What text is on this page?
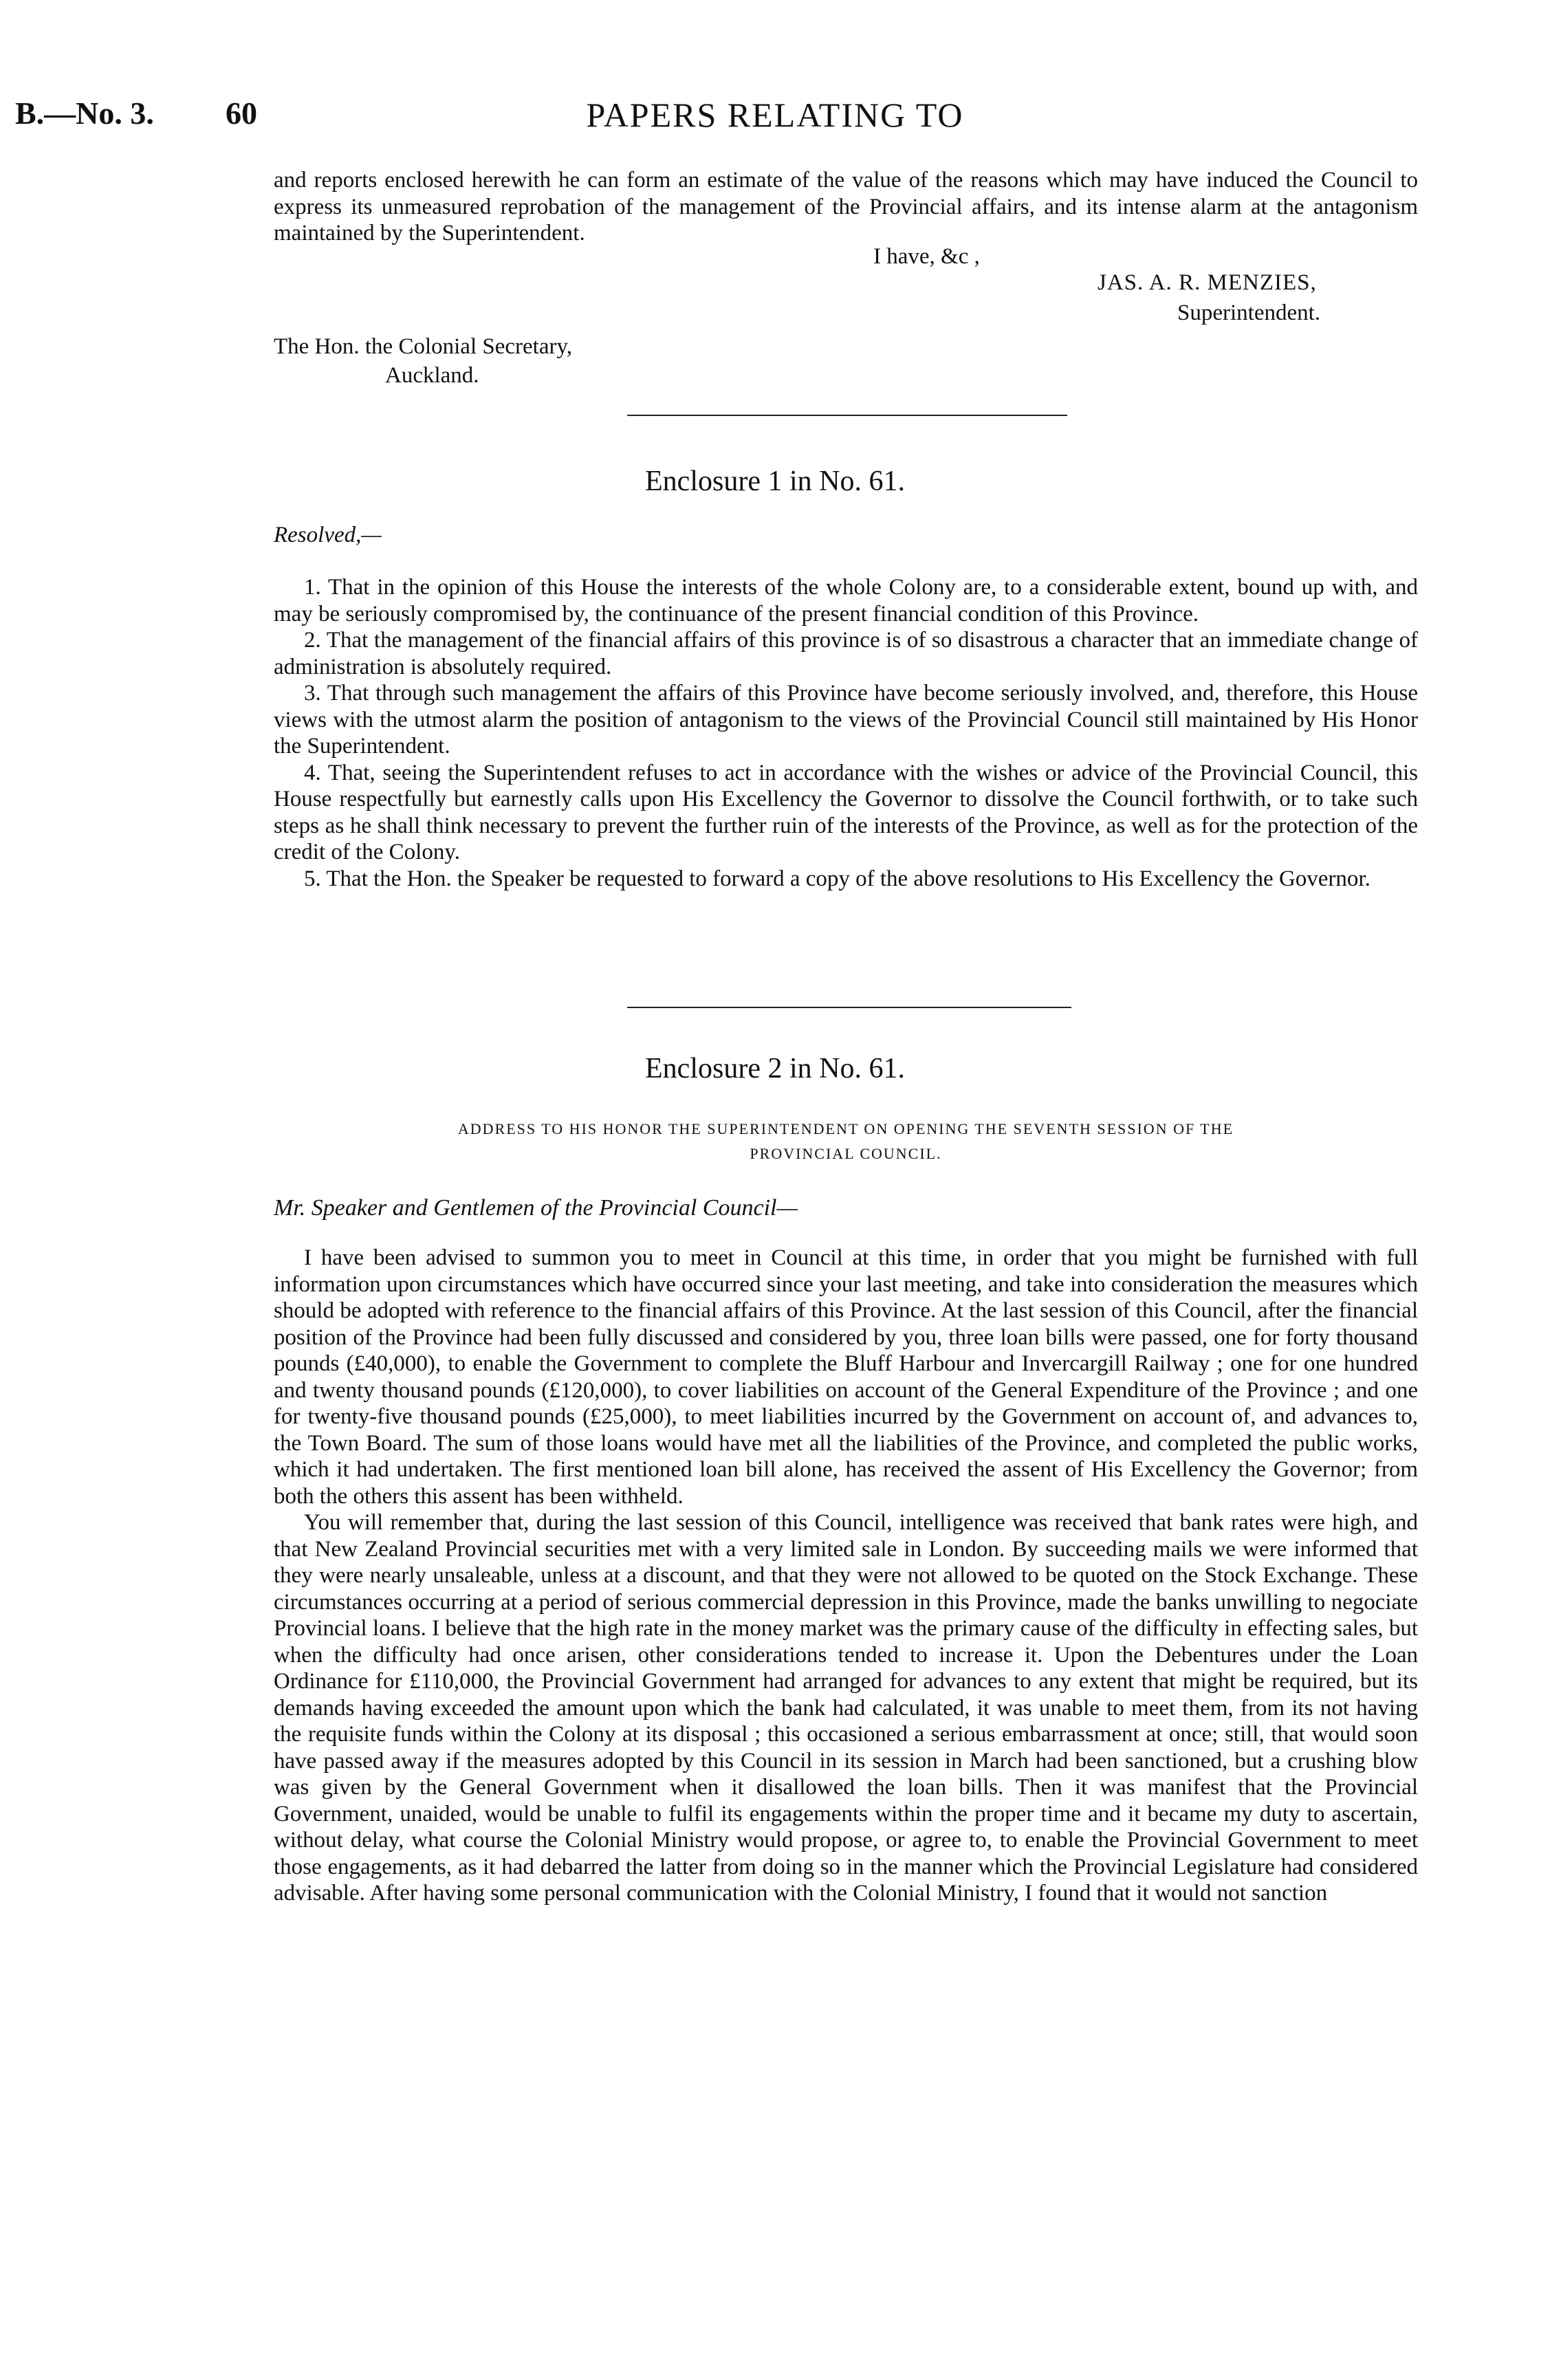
B.—No. 3. 60	PAPERS RELATING TO

and reports enclosed herewith he can form an estimate of the value of the reasons which may have induced the Council to express its unmeasured reprobation of the management of the Provincial affairs, and its intense alarm at the antagonism maintained by the Superintendent.

I have, &c ,
JAS. A. R. MENZIES,
Superintendent.
The Hon. the Colonial Secretary,
Auckland.
Enclosure 1 in No. 61.
Resolved,—

1. That in the opinion of this House the interests of the whole Colony are, to a considerable extent, bound up with, and may be seriously compromised by, the continuance of the present financial condition of this Province.

2. That the management of the financial affairs of this province is of so disastrous a character that an immediate change of administration is absolutely required.

3. That through such management the affairs of this Province have become seriously involved, and, therefore, this House views with the utmost alarm the position of antagonism to the views of the Provincial Council still maintained by His Honor the Superintendent.

4. That, seeing the Superintendent refuses to act in accordance with the wishes or advice of the Provincial Council, this House respectfully but earnestly calls upon His Excellency the Governor to dissolve the Council forthwith, or to take such steps as he shall think necessary to prevent the further ruin of the interests of the Province, as well as for the protection of the credit of the Colony.

5. That the Hon. the Speaker be requested to forward a copy of the above resolutions to His Excellency the Governor.

Enclosure 2 in No. 61.
ADDRESS TO HIS HONOR THE SUPERINTENDENT ON OPENING THE SEVENTH SESSION OF THE
PROVINCIAL COUNCIL.
Mr. Speaker and Gentlemen of the Provincial Council—

I have been advised to summon you to meet in Council at this time, in order that you might be furnished with full information upon circumstances which have occurred since your last meeting, and take into consideration the measures which should be adopted with reference to the financial affairs of this Province. At the last session of this Council, after the financial position of the Province had been fully discussed and considered by you, three loan bills were passed, one for forty thousand pounds (£40,000), to enable the Government to complete the Bluff Harbour and Invercargill Railway ; one for one hundred and twenty thousand pounds (£120,000), to cover liabilities on account of the General Expenditure of the Province ; and one for twenty-five thousand pounds (£25,000), to meet liabilities incurred by the Government on account of, and advances to, the Town Board. The sum of those loans would have met all the liabilities of the Province, and completed the public works, which it had undertaken. The first mentioned loan bill alone, has received the assent of His Excellency the Governor; from both the others this assent has been withheld.

You will remember that, during the last session of this Council, intelligence was received that bank rates were high, and that New Zealand Provincial securities met with a very limited sale in London. By succeeding mails we were informed that they were nearly unsaleable, unless at a discount, and that they were not allowed to be quoted on the Stock Exchange. These circumstances occurring at a period of serious commercial depression in this Province, made the banks unwilling to negociate Provincial loans. I believe that the high rate in the money market was the primary cause of the difficulty in effecting sales, but when the difficulty had once arisen, other considerations tended to increase it. Upon the Debentures under the Loan Ordinance for £110,000, the Provincial Government had arranged for advances to any extent that might be required, but its demands having exceeded the amount upon which the bank had calculated, it was unable to meet them, from its not having the requisite funds within the Colony at its disposal ; this occasioned a serious embarrassment at once; still, that would soon have passed away if the measures adopted by this Council in its session in March had been sanctioned, but a crushing blow was given by the General Government when it disallowed the loan bills. Then it was manifest that the Provincial Government, unaided, would be unable to fulfil its engagements within the proper time and it became my duty to ascertain, without delay, what course the Colonial Ministry would propose, or agree to, to enable the Provincial Government to meet those engagements, as it had debarred the latter from doing so in the manner which the Provincial Legislature had considered advisable. After having some personal communication with the Colonial Ministry, I found that it would not sanction
